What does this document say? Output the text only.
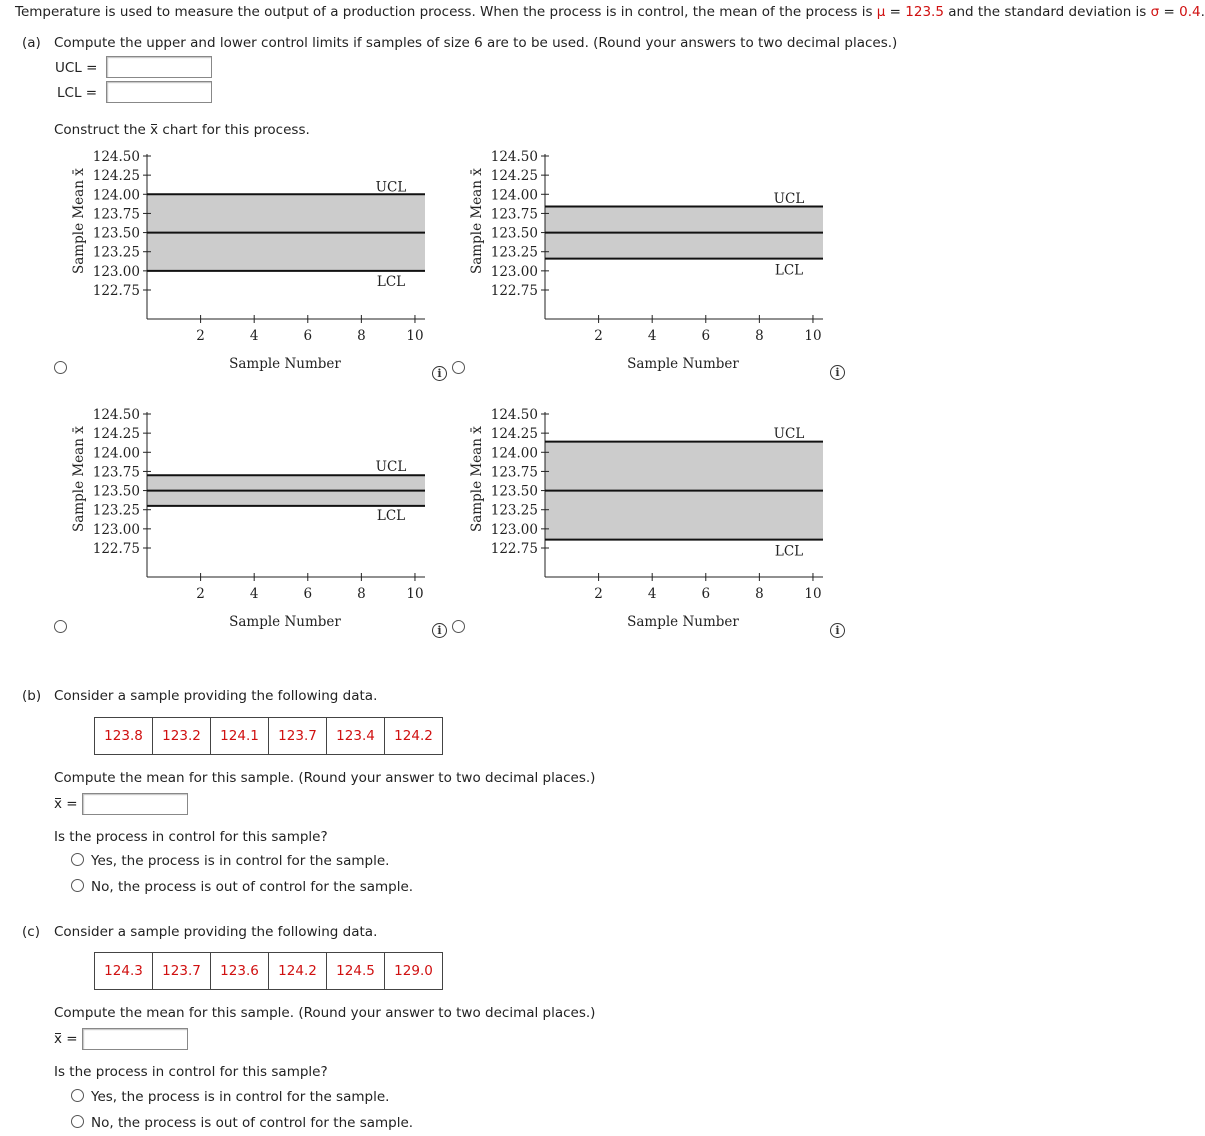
Temperature is used to measure the output of a production process. When the process is in control, the mean of the process is μ = 123.5 and the standard deviation is σ = 0.4.
(a) Compute the upper and lower control limits if samples of size 6 are to be used. (Round your answers to two decimal places.)
UCL =
LCL =
Construct the x chart for this process.
124.50
124.25
124.00
123.75
123.50
123.25
123.00
122.75
2	4	6	8	10
UCL
LCL
Sample Number
Sample Mean x̄
124.50
124.25
124.00
123.75
123.50
123.25
123.00
122.75
2	4	6	8	10
UCL
LCL
Sample Number
Sample Mean x̄
124.50
124.25
124.00
123.75
123.50
123.25
123.00
122.75
2	4	6	8	10
UCL
LCL
Sample Number
Sample Mean x̄
124.50
124.25
124.00
123.75
123.50
123.25
123.00
122.75
2	4	6	8	10
UCL
LCL
Sample Number
Sample Mean x̄
i	i
i	i
(b) Consider a sample providing the following data.
123.8	123.2	124.1	123.7	123.4	124.2
Compute the mean for this sample. (Round your answer to two decimal places.)
x =
Is the process in control for this sample?
Yes, the process is in control for the sample.
No, the process is out of control for the sample.
(c) Consider a sample providing the following data.
124.3	123.7	123.6	124.2	124.5	129.0
Compute the mean for this sample. (Round your answer to two decimal places.)
x =
Is the process in control for this sample?
Yes, the process is in control for the sample.
No, the process is out of control for the sample.
